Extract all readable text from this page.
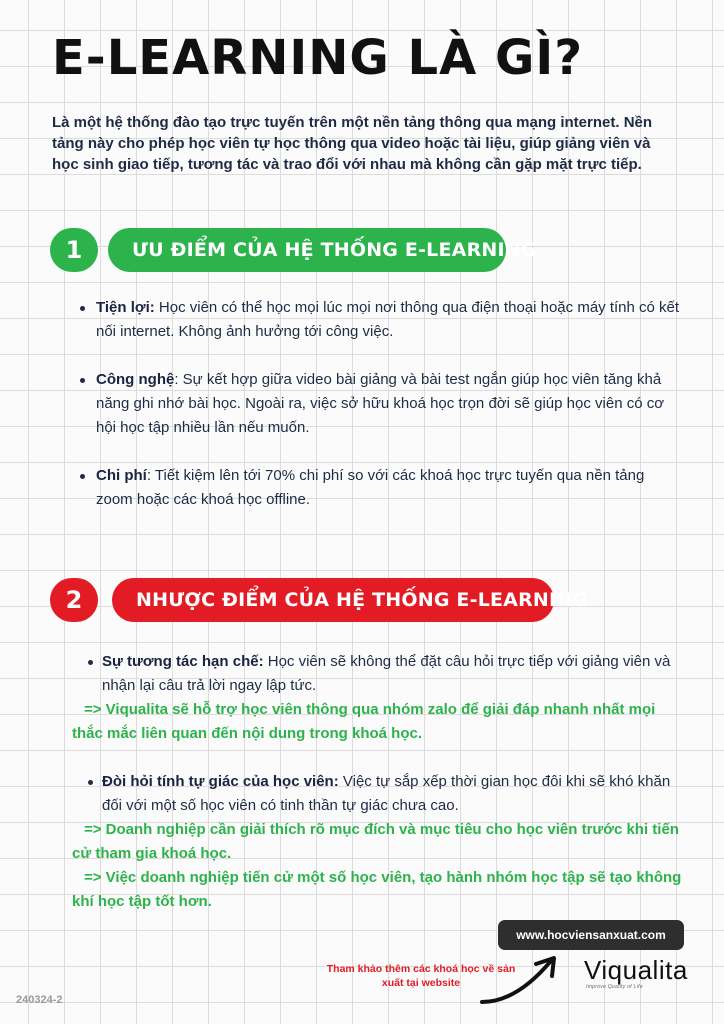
E-LEARNING LÀ GÌ?

Là một hệ thống đào tạo trực tuyến trên một nền tảng thông qua mạng internet. Nền tảng này cho phép học viên tự học thông qua video hoặc tài liệu, giúp giảng viên và học sinh giao tiếp, tương tác và trao đổi với nhau mà không cần gặp mặt trực tiếp.

1	ƯU ĐIỂM CỦA HỆ THỐNG E-LEARNING
Tiện lợi: Học viên có thể học mọi lúc mọi nơi thông qua điện thoại hoặc máy tính có kết nối internet. Không ảnh hưởng tới công việc.
Công nghệ: Sự kết hợp giữa video bài giảng và bài test ngắn giúp học viên tăng khả năng ghi nhớ bài học. Ngoài ra, việc sở hữu khoá học trọn đời sẽ giúp học viên có cơ hội học tập nhiều lần nếu muốn.
Chi phí: Tiết kiệm lên tới 70% chi phí so với các khoá học trực tuyến qua nền tảng zoom hoặc các khoá học offline.
2	NHƯỢC ĐIỂM CỦA HỆ THỐNG E-LEARNING
Sự tương tác hạn chế: Học viên sẽ không thể đặt câu hỏi trực tiếp với giảng viên và nhận lại câu trả lời ngay lập tức.
=> Viqualita sẽ hỗ trợ học viên thông qua nhóm zalo để giải đáp nhanh nhất mọi thắc mắc liên quan đến nội dung trong khoá học.
Đòi hỏi tính tự giác của học viên: Việc tự sắp xếp thời gian học đôi khi sẽ khó khăn đối với một số học viên có tinh thần tự giác chưa cao.
=> Doanh nghiệp cần giải thích rõ mục đích và mục tiêu cho học viên trước khi tiến cử tham gia khoá học.
=> Việc doanh nghiệp tiến cử một số học viên, tạo hành nhóm học tập sẽ tạo không khí học tập tốt hơn.
www.hocviensanxuat.com
Tham khảo thêm các khoá học về sản xuất tại website	Viqualita
Improve Quality of Life
240324-2
